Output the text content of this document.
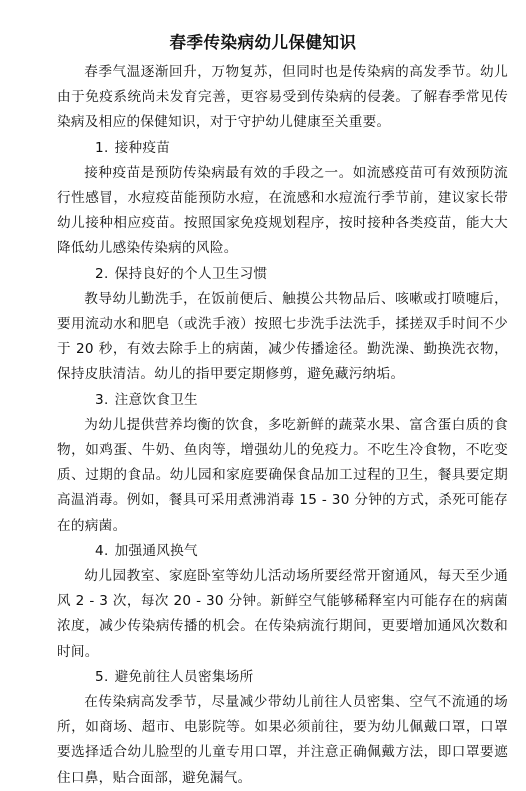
春季传染病幼儿保健知识

春季气温逐渐回升，万物复苏，但同时也是传染病的高发季节。幼儿由于免疫系统尚未发育完善，更容易受到传染病的侵袭。了解春季常见传染病及相应的保健知识，对于守护幼儿健康至关重要。

1. 接种疫苗

接种疫苗是预防传染病最有效的手段之一。如流感疫苗可有效预防流行性感冒，水痘疫苗能预防水痘，在流感和水痘流行季节前，建议家长带幼儿接种相应疫苗。按照国家免疫规划程序，按时接种各类疫苗，能大大降低幼儿感染传染病的风险。

2. 保持良好的个人卫生习惯

教导幼儿勤洗手，在饭前便后、触摸公共物品后、咳嗽或打喷嚏后，要用流动水和肥皂（或洗手液）按照七步洗手法洗手，揉搓双手时间不少于 20 秒，有效去除手上的病菌，减少传播途径。勤洗澡、勤换洗衣物，保持皮肤清洁。幼儿的指甲要定期修剪，避免藏污纳垢。

3. 注意饮食卫生

为幼儿提供营养均衡的饮食，多吃新鲜的蔬菜水果、富含蛋白质的食物，如鸡蛋、牛奶、鱼肉等，增强幼儿的免疫力。不吃生冷食物，不吃变质、过期的食品。幼儿园和家庭要确保食品加工过程的卫生，餐具要定期高温消毒。例如，餐具可采用煮沸消毒 15 - 30 分钟的方式，杀死可能存在的病菌。

4. 加强通风换气

幼儿园教室、家庭卧室等幼儿活动场所要经常开窗通风，每天至少通风 2 - 3 次，每次 20 - 30 分钟。新鲜空气能够稀释室内可能存在的病菌浓度，减少传染病传播的机会。在传染病流行期间，更要增加通风次数和时间。

5. 避免前往人员密集场所

在传染病高发季节，尽量减少带幼儿前往人员密集、空气不流通的场所，如商场、超市、电影院等。如果必须前往，要为幼儿佩戴口罩，口罩要选择适合幼儿脸型的儿童专用口罩，并注意正确佩戴方法，即口罩要遮住口鼻，贴合面部，避免漏气。
